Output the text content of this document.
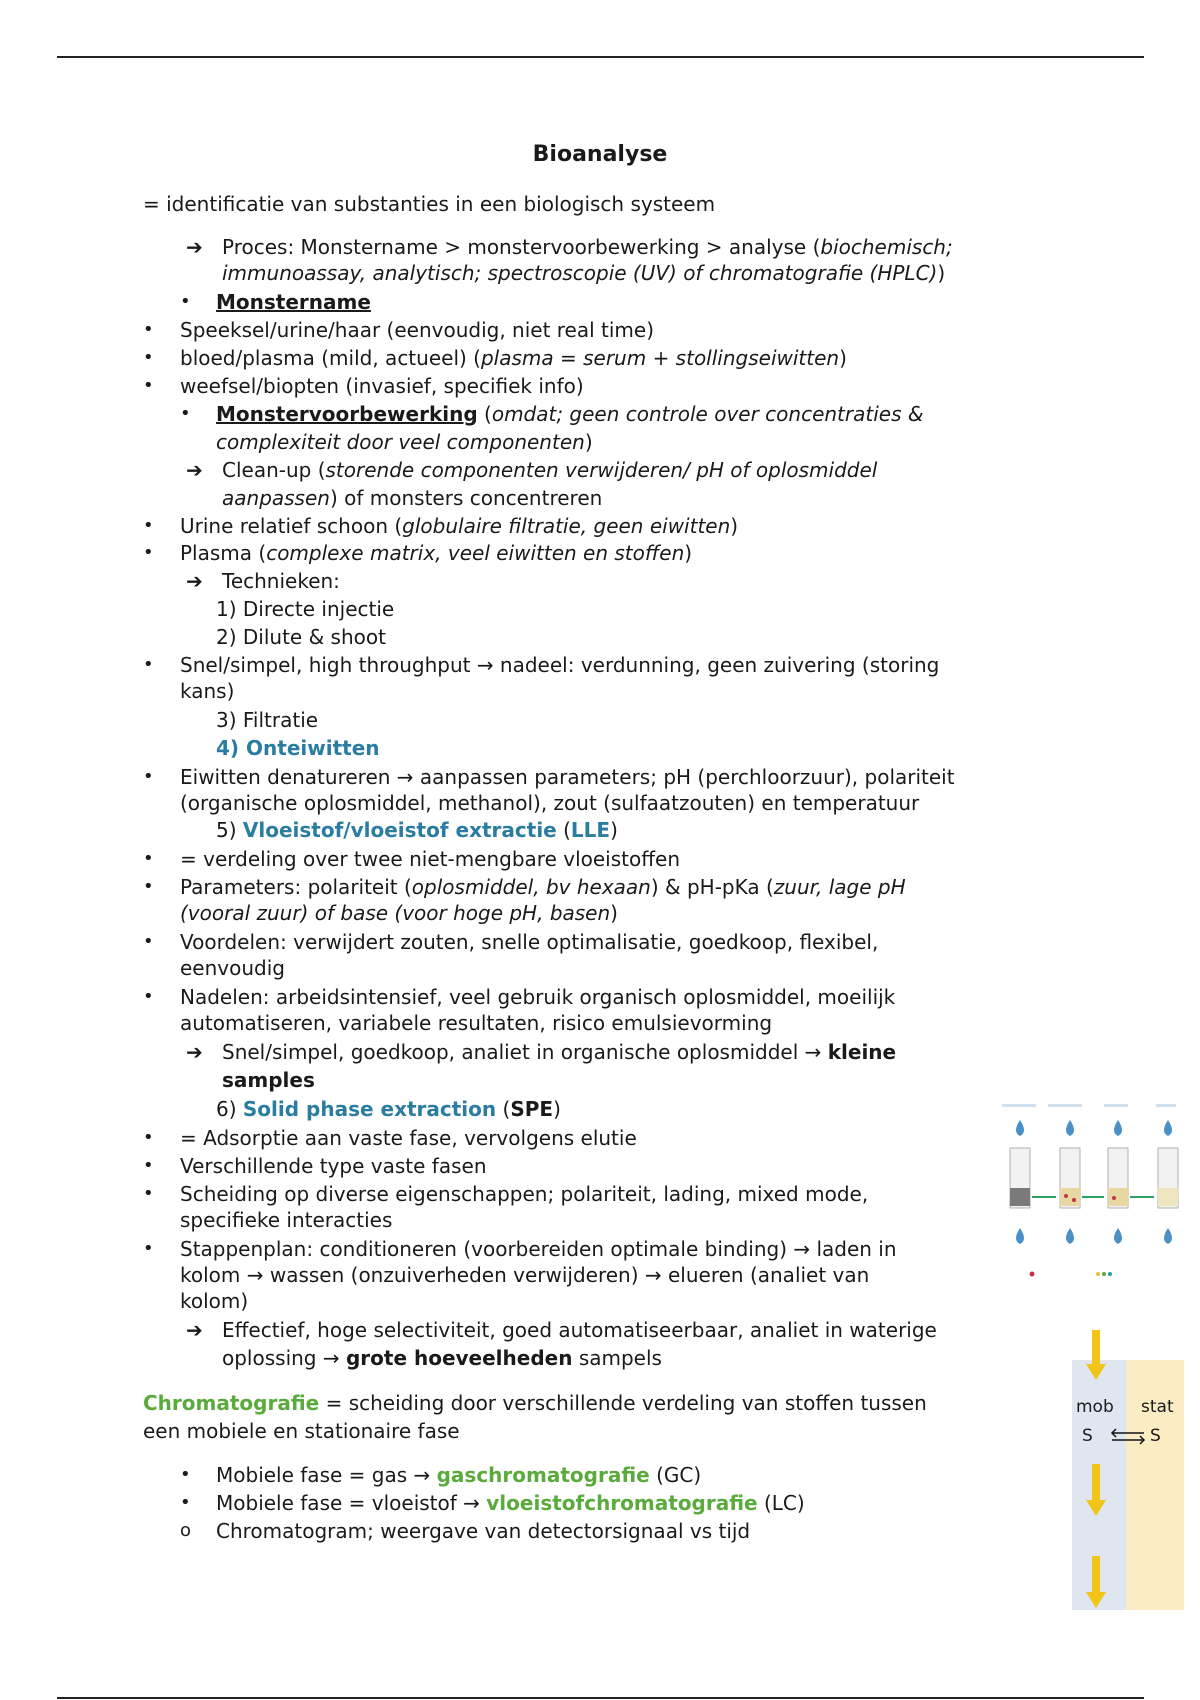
Bioanalyse
= identificatie van substanties in een biologisch systeem
➔ Proces: Monstername > monstervoorbewerking > analyse (biochemisch;
immunoassay, analytisch; spectroscopie (UV) of chromatografie (HPLC))
• Monstername
• Speeksel/urine/haar (eenvoudig, niet real time)
• bloed/plasma (mild, actueel) (plasma = serum + stollingseiwitten)
• weefsel/biopten (invasief, specifiek info)
• Monstervoorbewerking (omdat; geen controle over concentraties &
complexiteit door veel componenten)
➔ Clean-up (storende componenten verwijderen/ pH of oplosmiddel
aanpassen) of monsters concentreren
• Urine relatief schoon (globulaire filtratie, geen eiwitten)
• Plasma (complexe matrix, veel eiwitten en stoffen)
➔ Technieken:
1) Directe injectie
2) Dilute & shoot
• Snel/simpel, high throughput → nadeel: verdunning, geen zuivering (storing
kans)
3) Filtratie
4) Onteiwitten
• Eiwitten denatureren → aanpassen parameters; pH (perchloorzuur), polariteit
(organische oplosmiddel, methanol), zout (sulfaatzouten) en temperatuur
5) Vloeistof/vloeistof extractie (LLE)
• = verdeling over twee niet-mengbare vloeistoffen
• Parameters: polariteit (oplosmiddel, bv hexaan) & pH-pKa (zuur, lage pH
(vooral zuur) of base (voor hoge pH, basen)
• Voordelen: verwijdert zouten, snelle optimalisatie, goedkoop, flexibel,
eenvoudig
• Nadelen: arbeidsintensief, veel gebruik organisch oplosmiddel, moeilijk
automatiseren, variabele resultaten, risico emulsievorming
➔ Snel/simpel, goedkoop, analiet in organische oplosmiddel → kleine
samples
6) Solid phase extraction (SPE)
• = Adsorptie aan vaste fase, vervolgens elutie
• Verschillende type vaste fasen
• Scheiding op diverse eigenschappen; polariteit, lading, mixed mode,
specifieke interacties
• Stappenplan: conditioneren (voorbereiden optimale binding) → laden in
kolom → wassen (onzuiverheden verwijderen) → elueren (analiet van
kolom)
➔ Effectief, hoge selectiviteit, goed automatiseerbaar, analiet in waterige
oplossing → grote hoeveelheden sampels
Chromatografie = scheiding door verschillende verdeling van stoffen tussen
een mobiele en stationaire fase
• Mobiele fase = gas → gaschromatografie (GC)
• Mobiele fase = vloeistof → vloeistofchromatografie (LC)
o Chromatogram; weergave van detectorsignaal vs tijd
mob stat
S	S
